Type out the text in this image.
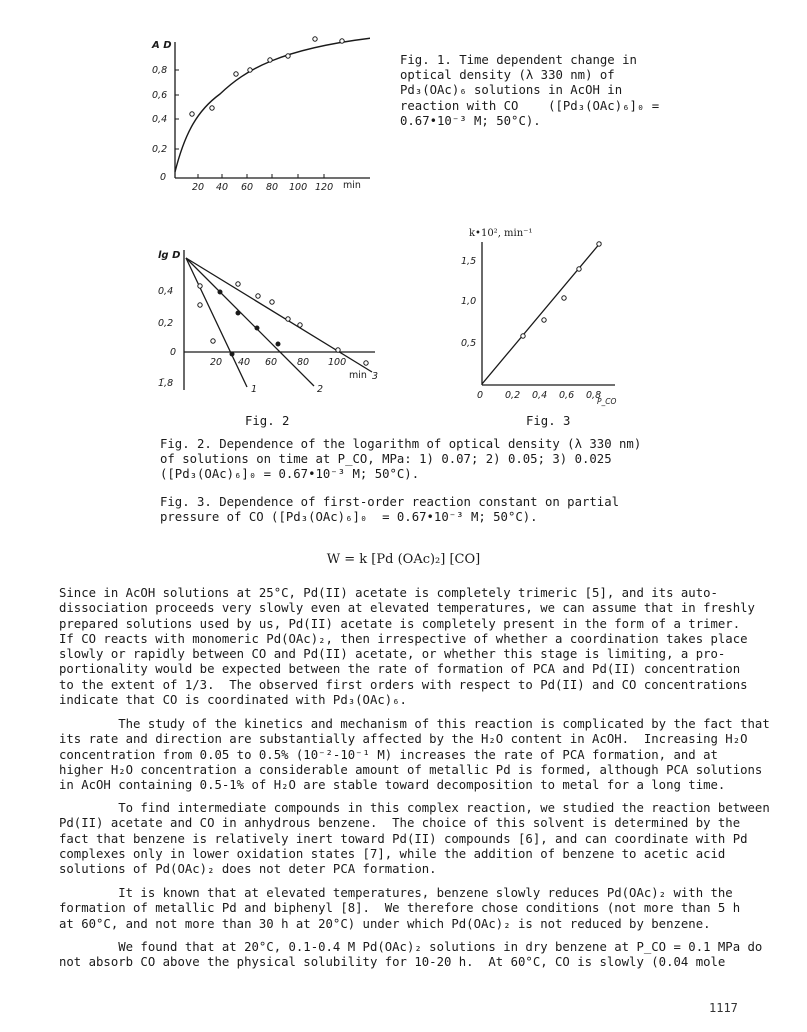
A D
0,8
0,6
0,4
0,2
0
20 40 60 80 100 120 min
Fig. 1. Time dependent change in
optical density (λ 330 nm) of
Pd₃(OAc)₆ solutions in AcOH in
reaction with CO    ([Pd₃(OAc)₆]₀ =
0.67•10⁻³ M; 50°C).
lg D
0,4
0,2
0
1̄,8
20 40 60 80 100
min
1	2
3
k•10², min⁻¹
1,5
1,0
0,5
0 0,2 0,4 0,6 0,8
P_CO
Fig. 2	Fig. 3
Fig. 2. Dependence of the logarithm of optical density (λ 330 nm)
of solutions on time at P_CO, MPa: 1) 0.07; 2) 0.05; 3) 0.025
([Pd₃(OAc)₆]₀ = 0.67•10⁻³ M; 50°C).
Fig. 3. Dependence of first-order reaction constant on partial
pressure of CO ([Pd₃(OAc)₆]₀  = 0.67•10⁻³ M; 50°C).
W = k [Pd (OAc)₂] [CO]
Since in AcOH solutions at 25°C, Pd(II) acetate is completely trimeric [5], and its auto-
dissociation proceeds very slowly even at elevated temperatures, we can assume that in freshly
prepared solutions used by us, Pd(II) acetate is completely present in the form of a trimer.
If CO reacts with monomeric Pd(OAc)₂, then irrespective of whether a coordination takes place
slowly or rapidly between CO and Pd(II) acetate, or whether this stage is limiting, a pro-
portionality would be expected between the rate of formation of PCA and Pd(II) concentration
to the extent of 1/3.  The observed first orders with respect to Pd(II) and CO concentrations
indicate that CO is coordinated with Pd₃(OAc)₆.
The study of the kinetics and mechanism of this reaction is complicated by the fact that
its rate and direction are substantially affected by the H₂O content in AcOH.  Increasing H₂O
concentration from 0.05 to 0.5% (10⁻²-10⁻¹ M) increases the rate of PCA formation, and at
higher H₂O concentration a considerable amount of metallic Pd is formed, although PCA solutions
in AcOH containing 0.5-1% of H₂O are stable toward decomposition to metal for a long time.
To find intermediate compounds in this complex reaction, we studied the reaction between
Pd(II) acetate and CO in anhydrous benzene.  The choice of this solvent is determined by the
fact that benzene is relatively inert toward Pd(II) compounds [6], and can coordinate with Pd
complexes only in lower oxidation states [7], while the addition of benzene to acetic acid
solutions of Pd(OAc)₂ does not deter PCA formation.
It is known that at elevated temperatures, benzene slowly reduces Pd(OAc)₂ with the
formation of metallic Pd and biphenyl [8].  We therefore chose conditions (not more than 5 h
at 60°C, and not more than 30 h at 20°C) under which Pd(OAc)₂ is not reduced by benzene.
We found that at 20°C, 0.1-0.4 M Pd(OAc)₂ solutions in dry benzene at P_CO = 0.1 MPa do
not absorb CO above the physical solubility for 10-20 h.  At 60°C, CO is slowly (0.04 mole
1117
